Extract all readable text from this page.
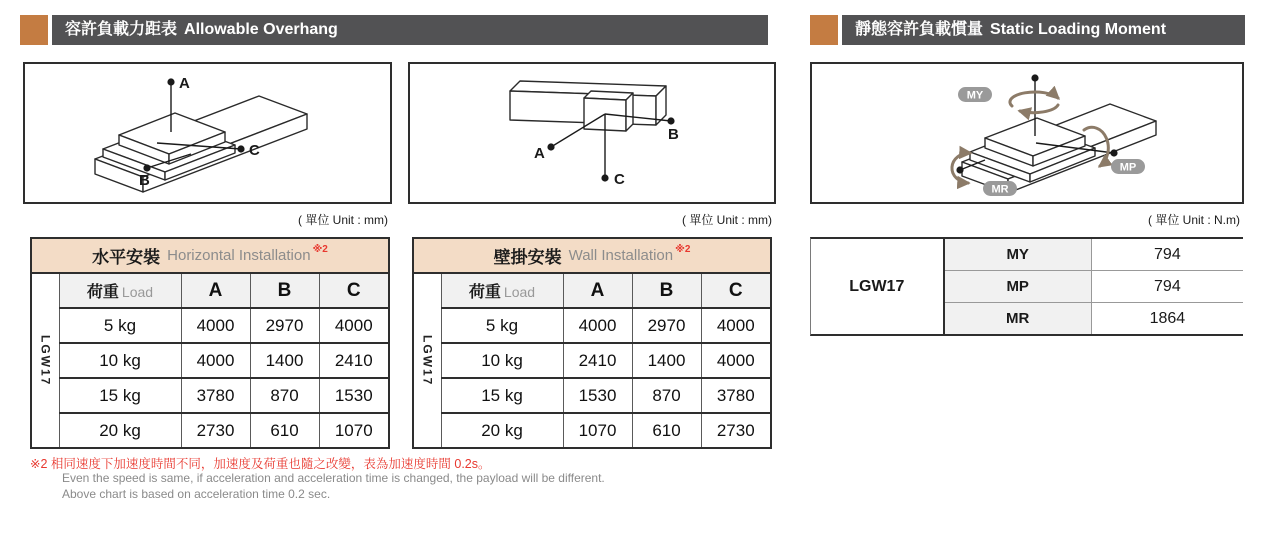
容許負載力距表 Allowable Overhang	靜態容許負載慣量 Static Loading Moment
A
C
B
A
B
C
MY
MP
MR
( 單位 Unit : mm)	( 單位 Unit : mm)	( 單位 Unit : N.m)
水平安裝 Horizontal Installation ※2
LGW17	荷重 Load	A	B	C
	5 kg	4000	2970	4000
	10 kg	4000	1400	2410
	15 kg	3780	870	1530
	20 kg	2730	610	1070
壁掛安裝 Wall Installation ※2
LGW17	荷重 Load	A	B	C
	5 kg	4000	2970	4000
	10 kg	2410	1400	4000
	15 kg	1530	870	3780
	20 kg	1070	610	2730
LGW17	MY	794
	MP	794
	MR	1864
※2 相同速度下加速度時間不同，加速度及荷重也隨之改變，表為加速度時間 0.2s。
Even the speed is same, if acceleration and acceleration time is changed, the payload will be different.
Above chart is based on acceleration time 0.2 sec.
